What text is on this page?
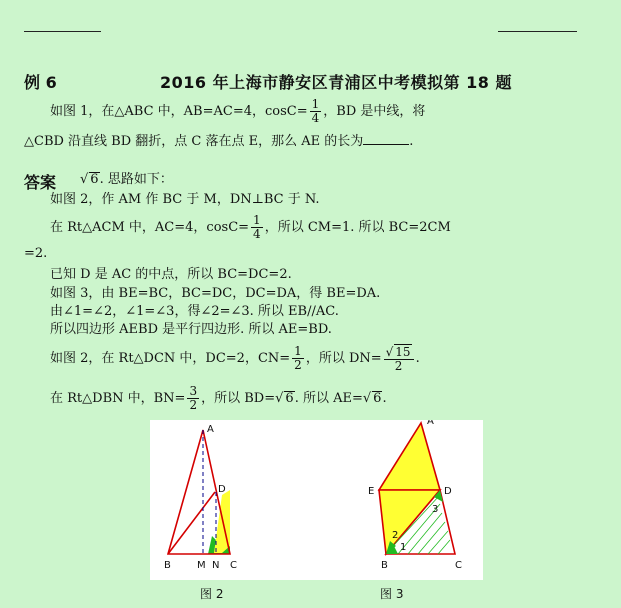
例 6	2016 年上海市静安区青浦区中考模拟第 18 题
如图 1，在△ABC 中，AB=AC=4，$\cos C= \frac{1}{4}$ ，BD 是中线，将
△CBD 沿直线 BD 翻折，点 C 落在点 E，那么 AE 的长为	.
答案 √ 6. 思路如下：
如图 2，作 AM 作 BC 于 M，DN⊥BC 于 N.
在 Rt△ACM 中，AC=4，$\cos C= \frac{1}{4}$ ，所以 CM=1. 所以 BC=2CM
=2.
已知 D 是 AC 的中点，所以 BC=DC=2.
如图 3，由 BE=BC，BC=DC，DC=DA，得 BE=DA.
由∠1=∠2，∠1=∠3，得∠2=∠3. 所以 EB//AC.
所以四边形 AEBD 是平行四边形. 所以 AE=BD.
如图 2，在 Rt△DCN 中，DC=2，$CN= \frac{1}{2}$ ，所以 $DN= \frac{√ 15}{2}$ .
在 Rt△DBN 中，$BN= \frac{3}{2}$ ，所以 BD=√ 6. 所以 AE=√ 6.
A
D
B	M N C
A
E	D
B	C
1
2
3
图 2	图 3
